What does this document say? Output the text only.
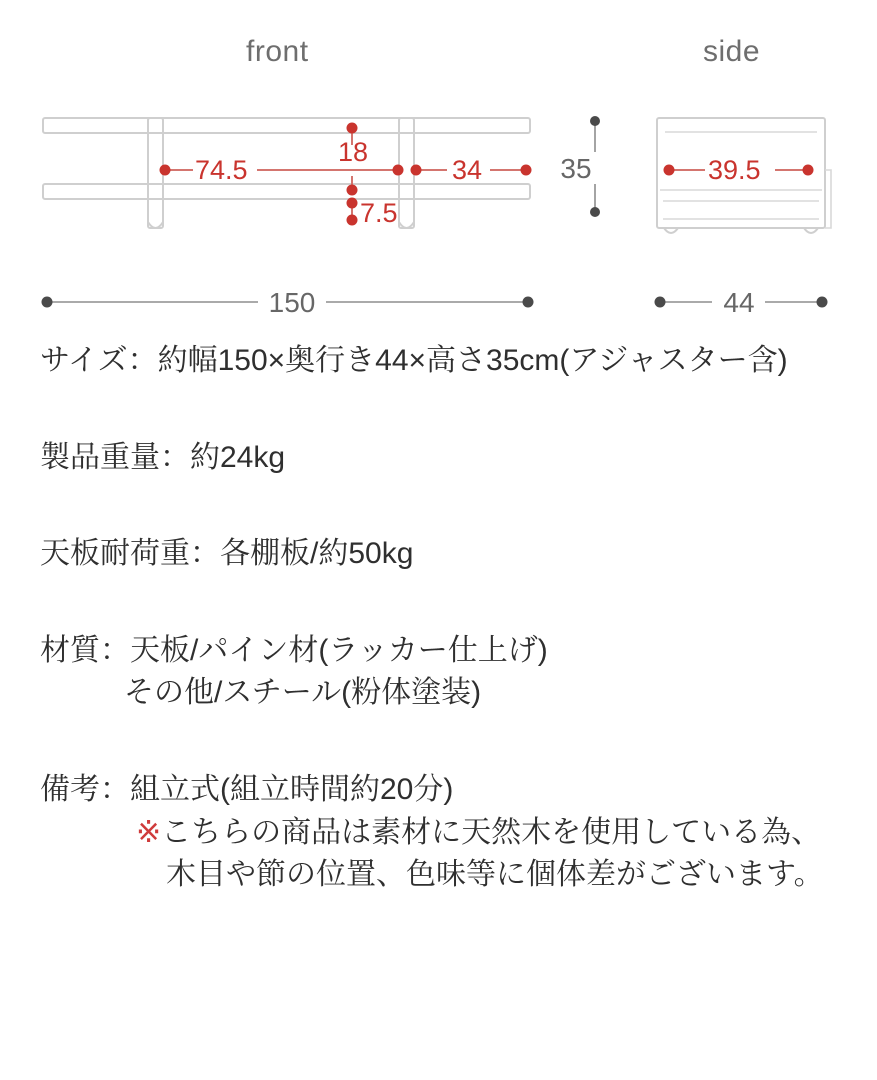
front	side
74.5
18
7.5
34	35	39.5
150	44
サイズ：約幅150×奥行き44×高さ35cm(アジャスター含)
製品重量：約24kg
天板耐荷重：各棚板/約50kg
材質：天板/パイン材(ラッカー仕上げ)
その他/スチール(粉体塗装)
備考：組立式(組立時間約20分)
※こちらの商品は素材に天然木を使用している為、
木目や節の位置、色味等に個体差がございます。
